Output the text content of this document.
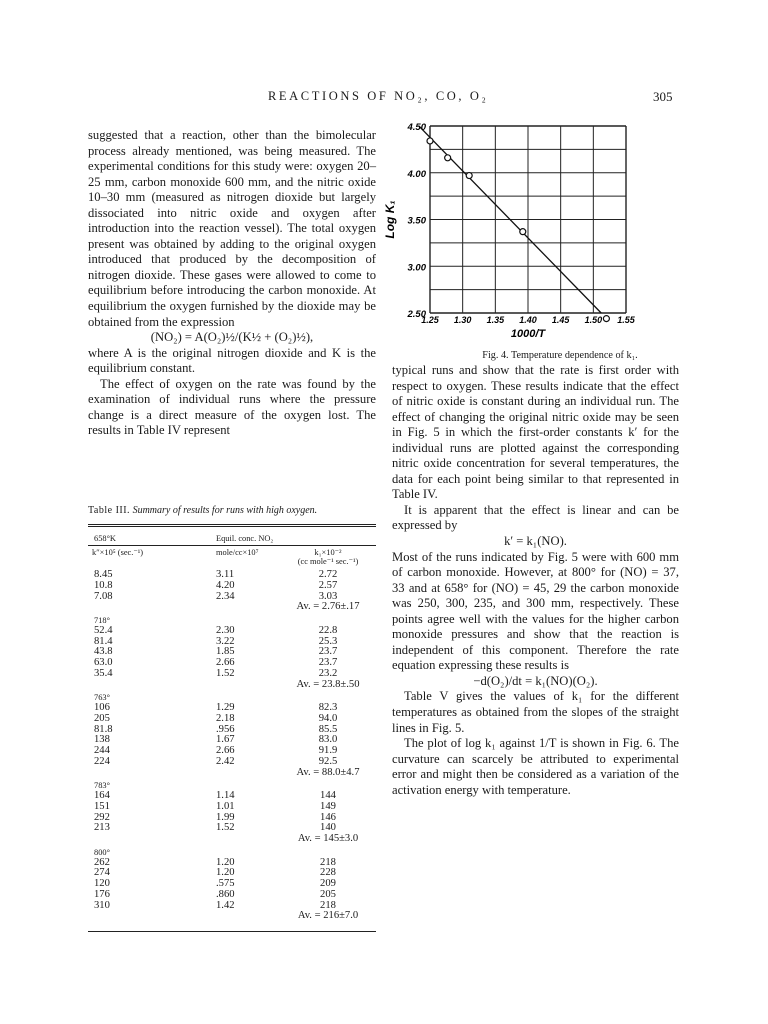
REACTIONS OF NO₂, CO, O₂	305

suggested that a reaction, other than the bimolecular process already mentioned, was being measured. The experimental conditions for this study were: oxygen 20–25 mm, carbon monoxide 600 mm, and the nitric oxide 10–30 mm (measured as nitrogen dioxide but largely dissociated into nitric oxide and oxygen after introduction into the reaction vessel). The total oxygen present was obtained by adding to the original oxygen introduced that produced by the decomposition of nitrogen dioxide. These gases were allowed to come to equilibrium before introducing the carbon monoxide. At equilibrium the oxygen furnished by the dioxide may be obtained from the expression

(NO₂) = A(O₂)½/(K½ + (O₂)½),

where A is the original nitrogen dioxide and K is the equilibrium constant.

The effect of oxygen on the rate was found by the examination of individual runs where the pressure change is a direct measure of the oxygen lost. The results in Table IV represent

Table III. Summary of results for runs with high oxygen.
658°K	Equil. conc. NO₂
k″×10⁵ (sec.⁻¹)	mole/cc×10⁷	k₁×10⁻²
(cc mole⁻¹ sec.⁻¹)
8.45	3.11	2.72
10.8	4.20	2.57
7.08	2.34	3.03
Av. = 2.76±.17
718°
52.4	2.30	22.8
81.4	3.22	25.3
43.8	1.85	23.7
63.0	2.66	23.7
35.4	1.52	23.2
Av. = 23.8±.50
763°
106	1.29	82.3
205	2.18	94.0
81.8	.956	85.5
138	1.67	83.0
244	2.66	91.9
224	2.42	92.5
Av. = 88.0±4.7
783°
164	1.14	144
151	1.01	149
292	1.99	146
213	1.52	140
Av. = 145±3.0
800°
262	1.20	218
274	1.20	228
120	.575	209
176	.860	205
310	1.42	218
Av. = 216±7.0
4.50
4.00
3.50
3.00
2.50
1.25 1.30 1.35 1.40 1.45 1.50 1.55
1000/T
Log K₁
Fig. 4. Temperature dependence of k₁.

typical runs and show that the rate is first order with respect to oxygen. These results indicate that the effect of nitric oxide is constant during an individual run. The effect of changing the original nitric oxide may be seen in Fig. 5 in which the first-order constants k′ for the individual runs are plotted against the corresponding nitric oxide concentration for several temperatures, the data for each point being similar to that represented in Table IV.

It is apparent that the effect is linear and can be expressed by

k′ = k₁(NO).

Most of the runs indicated by Fig. 5 were with 600 mm of carbon monoxide. However, at 800° for (NO) = 37, 33 and at 658° for (NO) = 45, 29 the carbon monoxide was 250, 300, 235, and 300 mm, respectively. These points agree well with the values for the higher carbon monoxide pressures and show that the reaction is independent of this component. Therefore the rate equation expressing these results is

−d(O₂)/dt = k₁(NO)(O₂).

Table V gives the values of k₁ for the different temperatures as obtained from the slopes of the straight lines in Fig. 5.

The plot of log k₁ against 1/T is shown in Fig. 6. The curvature can scarcely be attributed to experimental error and might then be considered as a variation of the activation energy with temperature.
